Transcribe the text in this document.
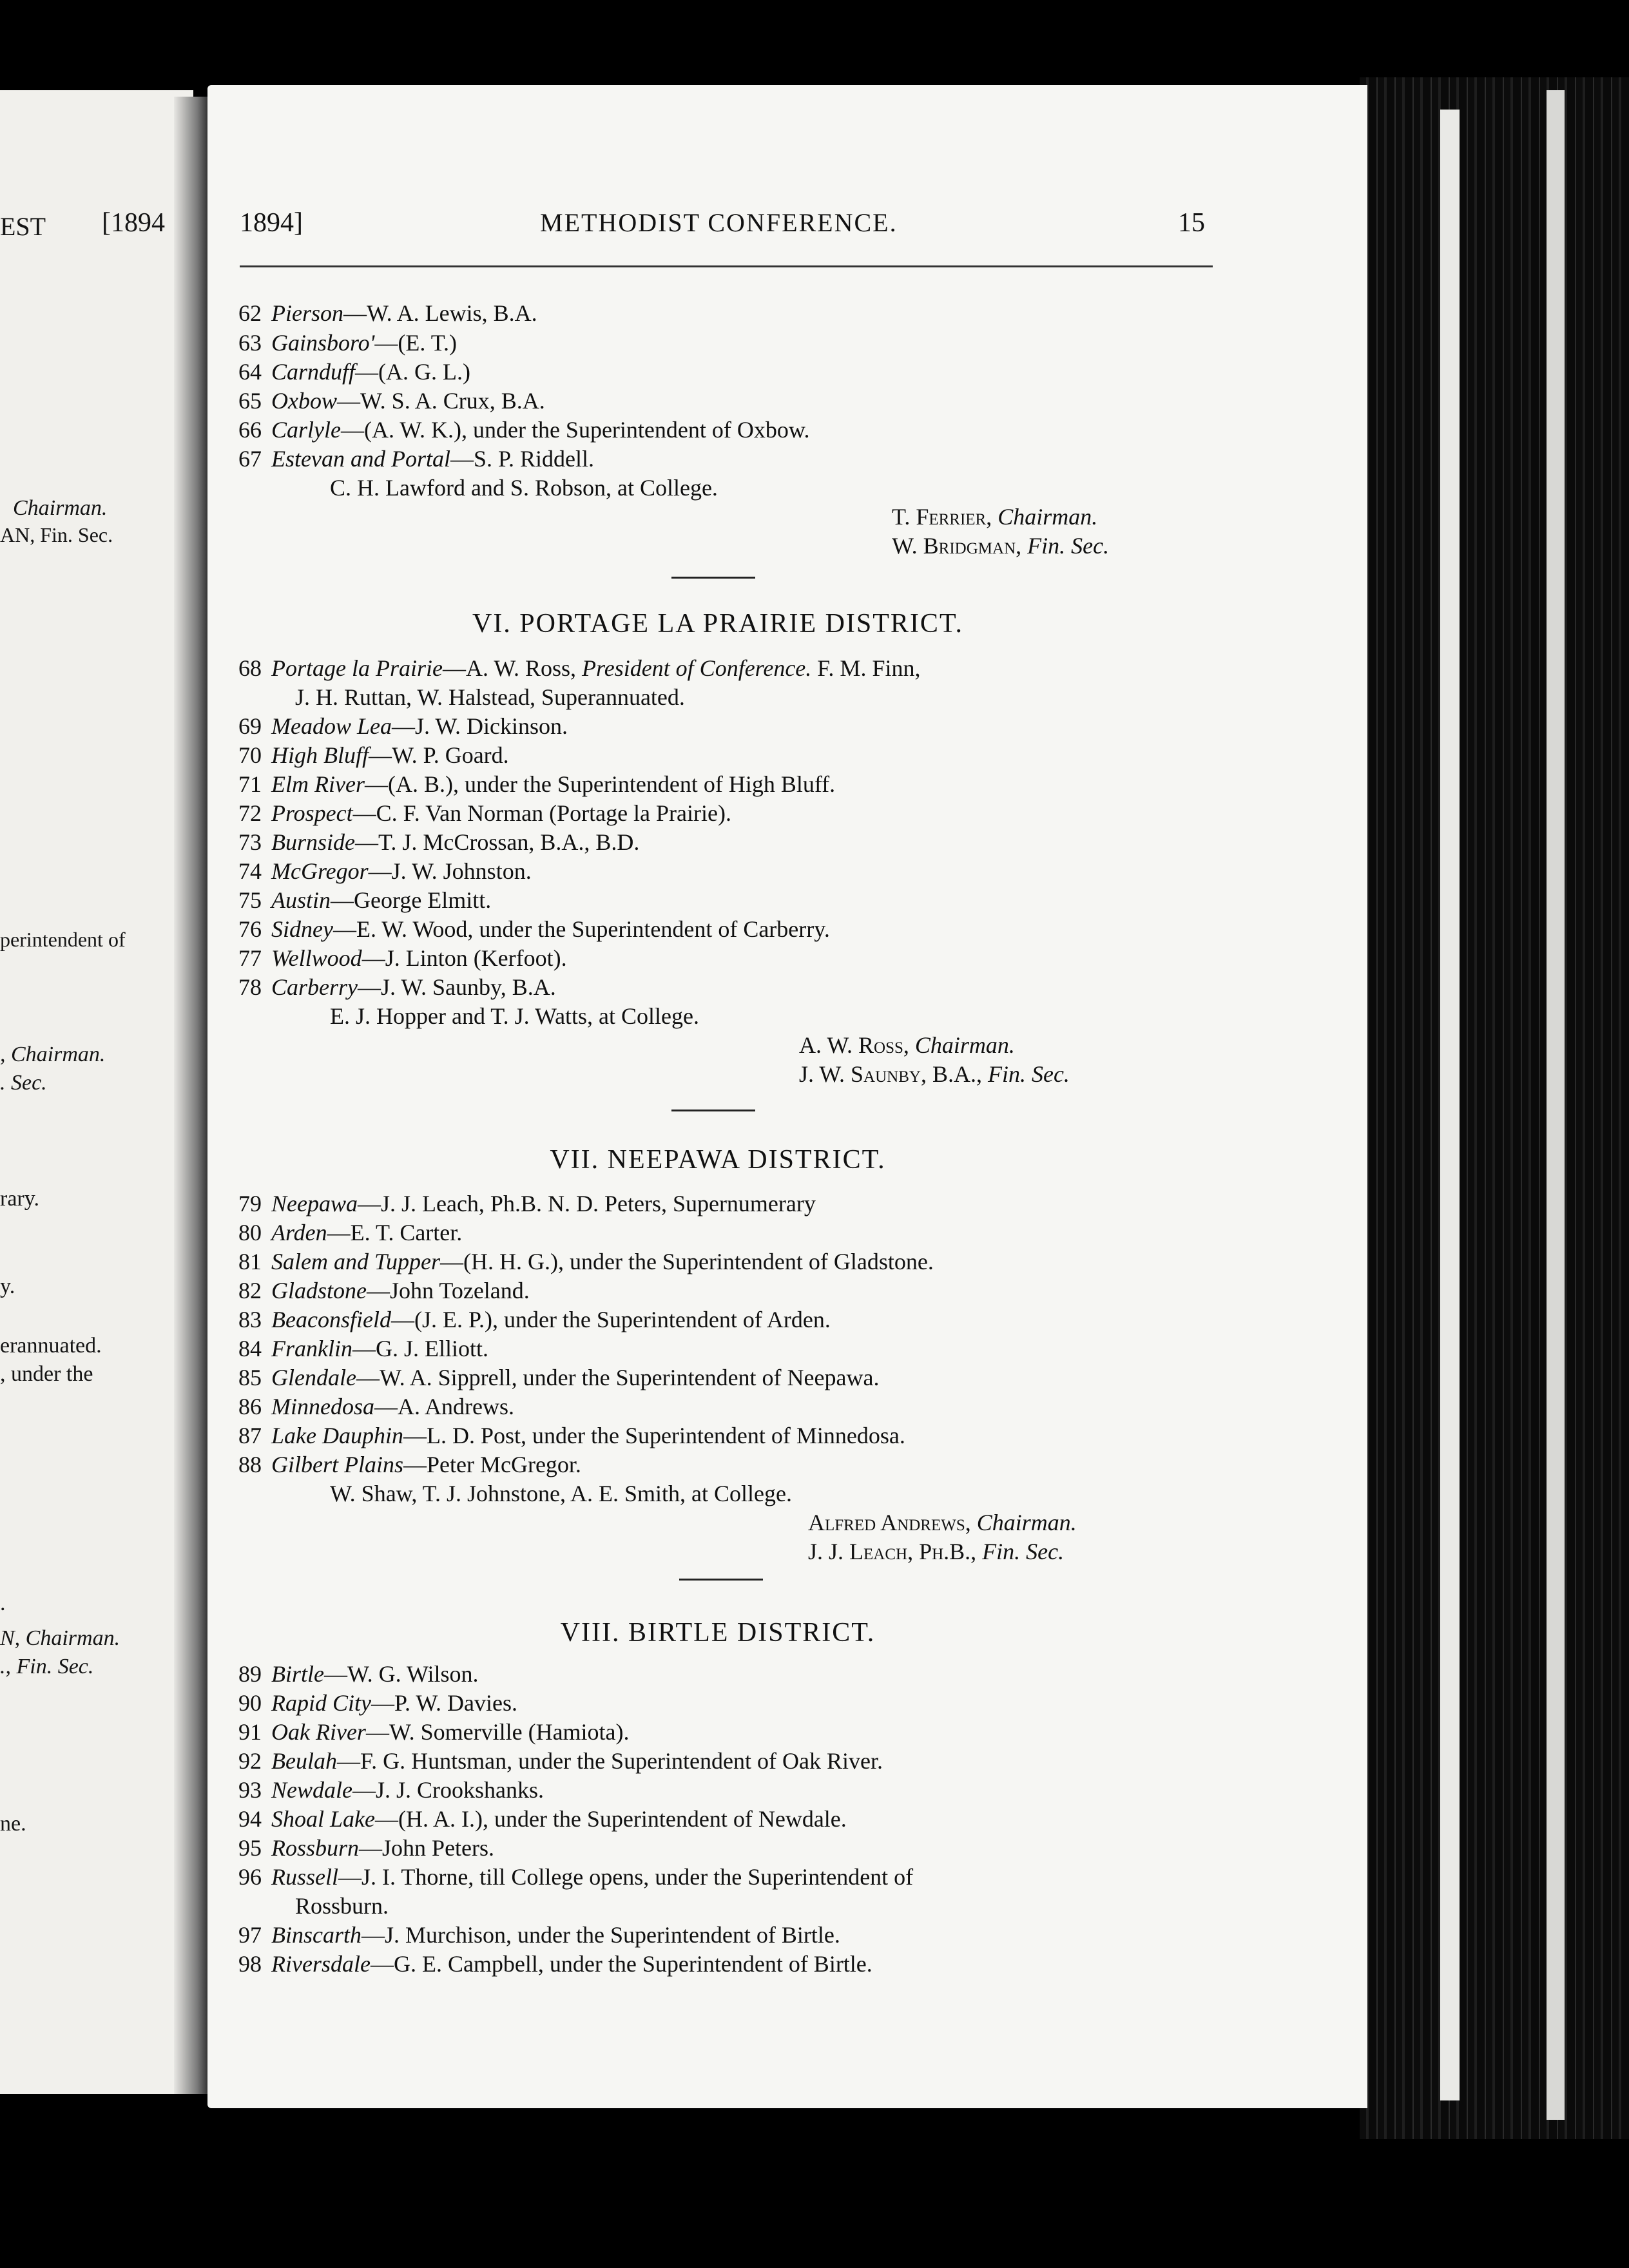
EST [1894
Chairman.
AN, Fin. Sec.
perintendent of
, Chairman.
. Sec.
rary.
y.
erannuated.
, under the
.
N, Chairman.
., Fin. Sec.
ne.
1894]	METHODIST CONFERENCE.	15
62 Pierson—W. A. Lewis, B.A.
63 Gainsboro'—(E. T.)
64 Carnduff—(A. G. L.)
65 Oxbow—W. S. A. Crux, B.A.
66 Carlyle—(A. W. K.), under the Superintendent of Oxbow.
67 Estevan and Portal—S. P. Riddell.
C. H. Lawford and S. Robson, at College.
T. Ferrier, Chairman.
W. Bridgman, Fin. Sec.
VI. PORTAGE LA PRAIRIE DISTRICT.
68 Portage la Prairie—A. W. Ross, President of Conference. F. M. Finn,
J. H. Ruttan, W. Halstead, Superannuated.
69 Meadow Lea—J. W. Dickinson.
70 High Bluff—W. P. Goard.
71 Elm River—(A. B.), under the Superintendent of High Bluff.
72 Prospect—C. F. Van Norman (Portage la Prairie).
73 Burnside—T. J. McCrossan, B.A., B.D.
74 McGregor—J. W. Johnston.
75 Austin—George Elmitt.
76 Sidney—E. W. Wood, under the Superintendent of Carberry.
77 Wellwood—J. Linton (Kerfoot).
78 Carberry—J. W. Saunby, B.A.
E. J. Hopper and T. J. Watts, at College.
A. W. Ross, Chairman.
J. W. Saunby, B.A., Fin. Sec.
VII. NEEPAWA DISTRICT.
79 Neepawa—J. J. Leach, Ph.B. N. D. Peters, Supernumerary
80 Arden—E. T. Carter.
81 Salem and Tupper—(H. H. G.), under the Superintendent of Gladstone.
82 Gladstone—John Tozeland.
83 Beaconsfield—(J. E. P.), under the Superintendent of Arden.
84 Franklin—G. J. Elliott.
85 Glendale—W. A. Sipprell, under the Superintendent of Neepawa.
86 Minnedosa—A. Andrews.
87 Lake Dauphin—L. D. Post, under the Superintendent of Minnedosa.
88 Gilbert Plains—Peter McGregor.
W. Shaw, T. J. Johnstone, A. E. Smith, at College.
Alfred Andrews, Chairman.
J. J. Leach, Ph.B., Fin. Sec.
VIII. BIRTLE DISTRICT.
89 Birtle—W. G. Wilson.
90 Rapid City—P. W. Davies.
91 Oak River—W. Somerville (Hamiota).
92 Beulah—F. G. Huntsman, under the Superintendent of Oak River.
93 Newdale—J. J. Crookshanks.
94 Shoal Lake—(H. A. I.), under the Superintendent of Newdale.
95 Rossburn—John Peters.
96 Russell—J. I. Thorne, till College opens, under the Superintendent of
Rossburn.
97 Binscarth—J. Murchison, under the Superintendent of Birtle.
98 Riversdale—G. E. Campbell, under the Superintendent of Birtle.
